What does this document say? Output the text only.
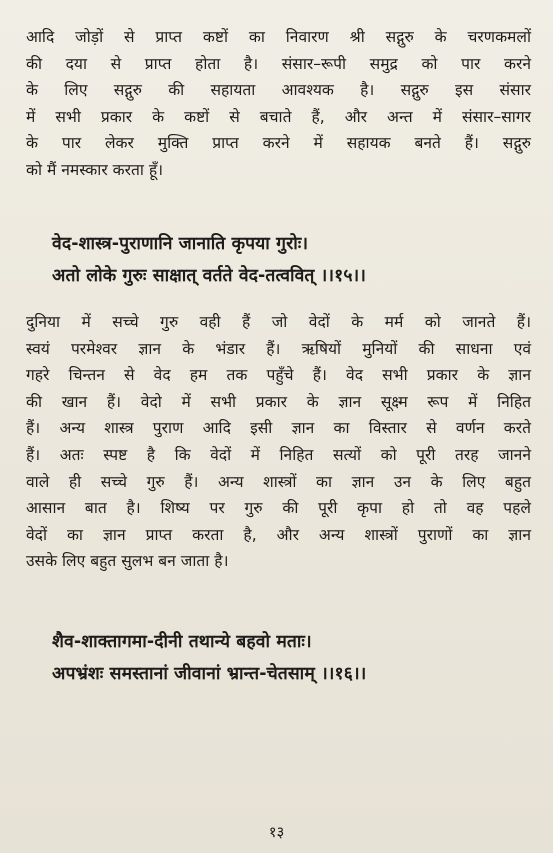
आदि जोड़ों से प्राप्त कष्टों का निवारण श्री सद्गुरु के चरणकमलों
की दया से प्राप्त होता है। संसार–रूपी समुद्र को पार करने
के लिए सद्गुरु की सहायता आवश्यक है। सद्गुरु इस संसार
में सभी प्रकार के कष्टों से बचाते हैं, और अन्त में संसार–सागर
के पार लेकर मुक्ति प्राप्त करने में सहायक बनते हैं। सद्गुरु
को मैं नमस्कार करता हूँ।
वेद-शास्त्र-पुराणानि जानाति कृपया गुरोः।
अतो लोके गुरुः साक्षात् वर्तते वेद-तत्ववित् ।।१५।।
दुनिया में सच्चे गुरु वही हैं जो वेदों के मर्म को जानते हैं।
स्वयं परमेश्वर ज्ञान के भंडार हैं। ऋषियों मुनियों की साधना एवं
गहरे चिन्तन से वेद हम तक पहुँचे हैं। वेद सभी प्रकार के ज्ञान
की खान हैं। वेदो में सभी प्रकार के ज्ञान सूक्ष्म रूप में निहित
हैं। अन्य शास्त्र पुराण आदि इसी ज्ञान का विस्तार से वर्णन करते
हैं। अतः स्पष्ट है कि वेदों में निहित सत्यों को पूरी तरह जानने
वाले ही सच्चे गुरु हैं। अन्य शास्त्रों का ज्ञान उन के लिए बहुत
आसान बात है। शिष्य पर गुरु की पूरी कृपा हो तो वह पहले
वेदों का ज्ञान प्राप्त करता है, और अन्य शास्त्रों पुराणों का ज्ञान
उसके लिए बहुत सुलभ बन जाता है।
शैव-शाक्तागमा-दीनी तथान्ये बहवो मताः।
अपभ्रंशः समस्तानां जीवानां भ्रान्त-चेतसाम् ।।१६।।
१३
